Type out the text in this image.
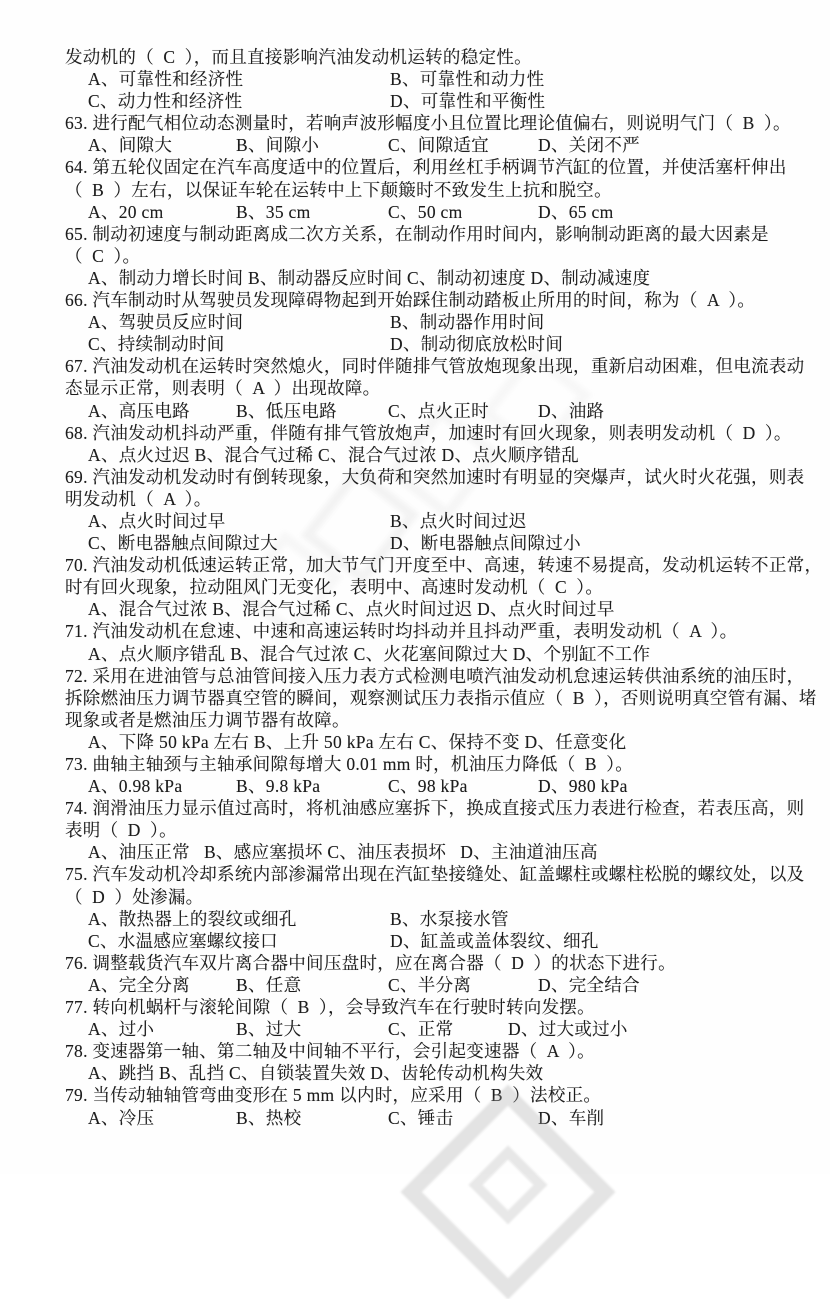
发动机的（  C  ），而且直接影响汽油发动机运转的稳定性。
A、可靠性和经济性	B、可靠性和动力性
C、动力性和经济性	D、可靠性和平衡性
63. 进行配气相位动态测量时，若响声波形幅度小且位置比理论值偏右，则说明气门（  B  ）。
A、间隙大	B、间隙小	C、间隙适宜	D、关闭不严
64. 第五轮仪固定在汽车高度适中的位置后，利用丝杠手柄调节汽缸的位置，并使活塞杆伸出
（  B  ）左右，以保证车轮在运转中上下颠簸时不致发生上抗和脱空。
A、20 cm	B、35 cm	C、50 cm	D、65 cm
65. 制动初速度与制动距离成二次方关系，在制动作用时间内，影响制动距离的最大因素是
（  C  ）。
A、制动力增长时间 B、制动器反应时间 C、制动初速度 D、制动减速度
66. 汽车制动时从驾驶员发现障碍物起到开始踩住制动踏板止所用的时间，称为（  A  ）。
A、驾驶员反应时间	B、制动器作用时间
C、持续制动时间	D、制动彻底放松时间
67. 汽油发动机在运转时突然熄火，同时伴随排气管放炮现象出现，重新启动困难，但电流表动
态显示正常，则表明（  A  ）出现故障。
A、高压电路	B、低压电路	C、点火正时	D、油路
68. 汽油发动机抖动严重，伴随有排气管放炮声，加速时有回火现象，则表明发动机（  D  ）。
A、点火过迟 B、混合气过稀 C、混合气过浓 D、点火顺序错乱
69. 汽油发动机发动时有倒转现象，大负荷和突然加速时有明显的突爆声，试火时火花强，则表
明发动机（  A  ）。
A、点火时间过早	B、点火时间过迟
C、断电器触点间隙过大	D、断电器触点间隙过小
70. 汽油发动机低速运转正常，加大节气门开度至中、高速，转速不易提高，发动机运转不正常，
时有回火现象，拉动阻风门无变化，表明中、高速时发动机（  C  ）。
A、混合气过浓 B、混合气过稀 C、点火时间过迟 D、点火时间过早
71. 汽油发动机在怠速、中速和高速运转时均抖动并且抖动严重，表明发动机（  A  ）。
A、点火顺序错乱 B、混合气过浓 C、火花塞间隙过大 D、个别缸不工作
72. 采用在进油管与总油管间接入压力表方式检测电喷汽油发动机怠速运转供油系统的油压时，
拆除燃油压力调节器真空管的瞬间，观察测试压力表指示值应（  B  ），否则说明真空管有漏、堵
现象或者是燃油压力调节器有故障。
A、下降 50 kPa 左右 B、上升 50 kPa 左右 C、保持不变 D、任意变化
73. 曲轴主轴颈与主轴承间隙每增大 0.01 mm 时，机油压力降低（  B  ）。
A、0.98 kPa	B、9.8 kPa	C、98 kPa	D、980 kPa
74. 润滑油压力显示值过高时，将机油感应塞拆下，换成直接式压力表进行检查，若表压高，则
表明（  D  ）。
A、油压正常   B、感应塞损坏 C、油压表损坏   D、主油道油压高
75. 汽车发动机冷却系统内部渗漏常出现在汽缸垫接缝处、缸盖螺柱或螺柱松脱的螺纹处，以及
（  D  ）处渗漏。
A、散热器上的裂纹或细孔	B、水泵接水管
C、水温感应塞螺纹接口	D、缸盖或盖体裂纹、细孔
76. 调整载货汽车双片离合器中间压盘时，应在离合器（  D  ）的状态下进行。
A、完全分离	B、任意	C、半分离	D、完全结合
77. 转向机蜗杆与滚轮间隙（  B  ），会导致汽车在行驶时转向发摆。
A、过小	B、过大	C、正常	D、过大或过小
78. 变速器第一轴、第二轴及中间轴不平行，会引起变速器（  A  ）。
A、跳挡 B、乱挡 C、自锁装置失效 D、齿轮传动机构失效
79. 当传动轴轴管弯曲变形在 5 mm 以内时，应采用（  B  ）法校正。
A、冷压	B、热校	C、锤击	D、车削
